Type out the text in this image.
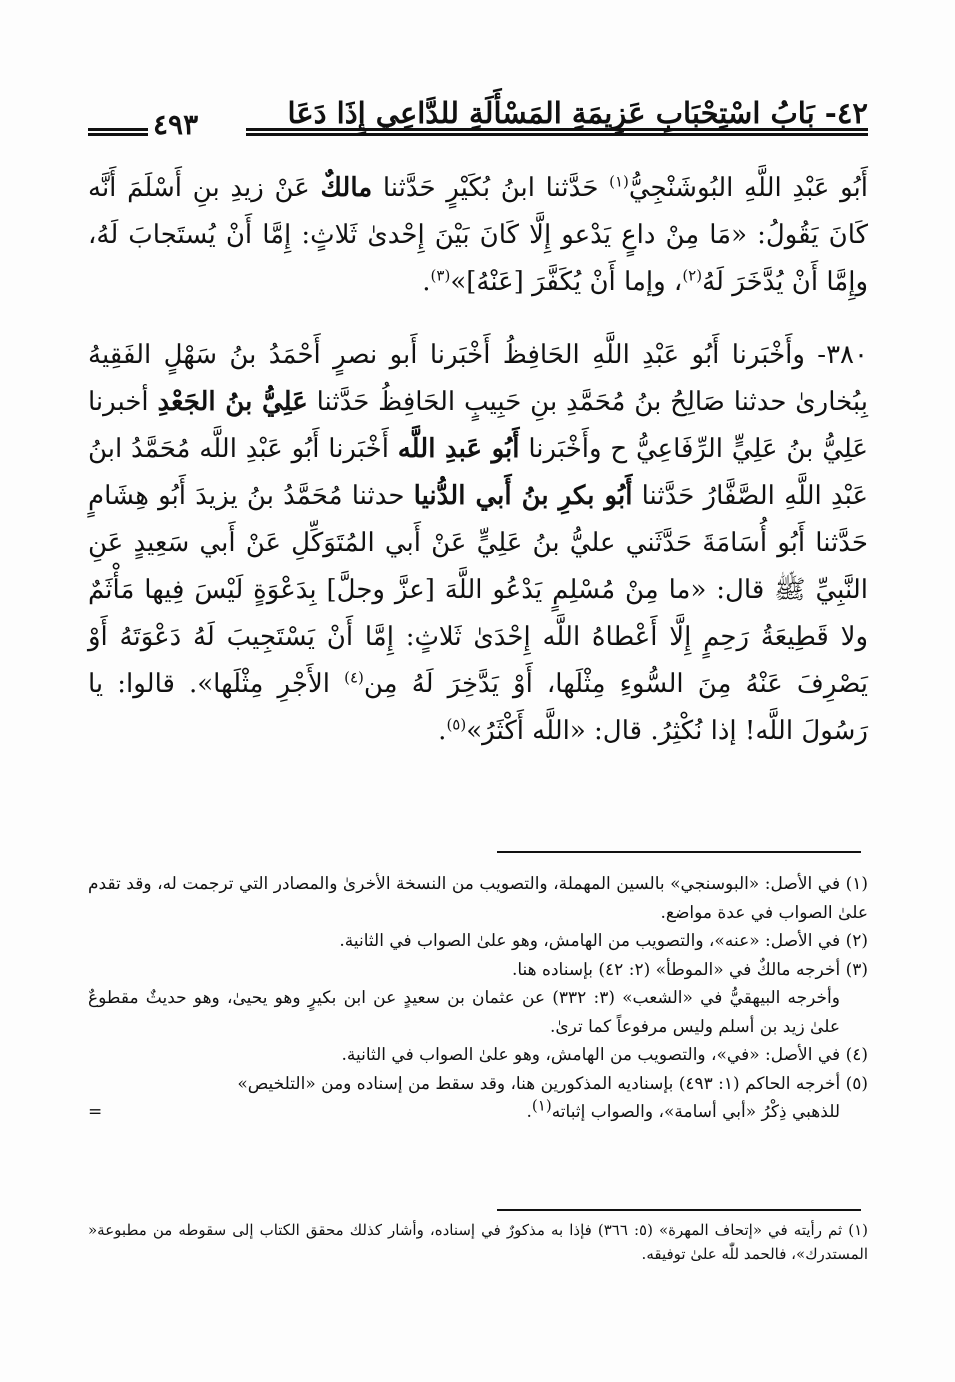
٤٢- بَابُ اسْتِحْبَابِ عَزِيمَةِ المَسْأَلَةِ للدَّاعِي إِذَا دَعَا
٤٩٣

أَبُو عَبْدِ اللَّهِ البُوشَنْجِيُّ$^{(١)}$ حَدَّثنا ابنُ بُكَيْرٍ حَدَّثنا مالكٌ عَنْ زيدِ بنِ أَسْلَمَ أَنَّه كَانَ يَقُولُ: «مَا مِنْ داعٍ يَدْعو إِلَّا كَانَ بَيْنَ إِحْدىٰ ثَلاثٍ: إِمَّا أَنْ يُستَجابَ لَهُ، وإِمَّا أَنْ يُدَّخَرَ لَهُ$^{(٢)}$، وإما أَنْ يُكَفَّرَ [عَنْهُ]»$^{(٣)}$.

٣٨٠- وأَخْبَرنا أَبُو عَبْدِ اللَّهِ الحَافِظُ أَخْبَرنا أَبو نصرٍ أَحْمَدُ بنُ سَهْلٍ الفَقِيهُ بِبُخارىٰ حدثنا صَالِحُ بنُ مُحَمَّدِ بنِ حَبِيبٍ الحَافِظُ حَدَّثنا عَلِيُّ بنُ الجَعْدِ أخبرنا عَلِيُّ بنُ عَلِيٍّ الرِّفَاعِيُّ ح وأَخْبَرنا أَبُو عَبدِ اللَّه أَخْبَرنا أَبُو عَبْدِ اللَّه مُحَمَّدُ ابنُ عَبْدِ اللَّهِ الصَّفَّارُ حَدَّثنا أَبُو بكرِ بنُ أَبي الدُّنيا حدثنا مُحَمَّدُ بنُ يزيدَ أَبُو هِشَامٍ حَدَّثنا أَبُو أُسَامَةَ حَدَّثَني عليُّ بنُ عَلِيٍّ عَنْ أَبي المُتَوَكِّلِ عَنْ أَبي سَعِيدٍ عَنِ النَّبِيِّ ﷺ قال: «ما مِنْ مُسْلِمٍ يَدْعُو اللَّهَ [عزَّ وجلَّ] بِدَعْوَةٍ لَيْسَ فِيها مَأْثَمٌ ولا قَطِيعَةُ رَحِمٍ إِلَّا أَعْطاهُ اللَّه إِحْدَىٰ ثَلاثٍ: إِمَّا أَنْ يَسْتَجِيبَ لَهُ دَعْوَتَهُ أَوْ يَصْرِفَ عَنْهُ مِنَ السُّوءِ مِثْلَها، أَوْ يَدَّخِرَ لَهُ مِن$^{(٤)}$ الأَجْرِ مِثْلَها». قالوا: يا رَسُولَ اللَّه! إذا نُكْثِرُ. قال: «اللَّه أَكْثَرُ»$^{(٥)}$.

(١) في الأصل: «البوسنجي» بالسين المهملة، والتصويب من النسخة الأخرىٰ والمصادر التي ترجمت له، وقد تقدم علىٰ الصواب في عدة مواضع.

(٢) في الأصل: «عنه»، والتصويب من الهامش، وهو علىٰ الصواب في الثانية.

(٣) أخرجه مالكٌ في «الموطأ» (٢: ٤٢) بإسناده هنا.

وأخرجه البيهقيُّ في «الشعب» (٣: ٣٣٢) عن عثمان بن سعيدٍ عن ابن بكيرٍ وهو يحيىٰ، وهو حديثٌ مقطوعٌ علىٰ زيد بن أسلم وليس مرفوعاً كما ترىٰ.

(٤) في الأصل: «في»، والتصويب من الهامش، وهو علىٰ الصواب في الثانية.

(٥) أخرجه الحاكم (١: ٤٩٣) بإسناديه المذكورين هنا، وقد سقط من إسناده ومن «التلخيص»

للذهبي ذِكْرُ «أبي أسامة»، والصواب إثباته(١).
=

(١) ثم رأيته في «إتحاف المهرة» (٥: ٣٦٦) فإذا به مذكورٌ في إسناده، وأشار كذلك محقق الكتاب إلى سقوطه من مطبوعة« المستدرك»، فالحمد للّٰه علىٰ توفيقه.
